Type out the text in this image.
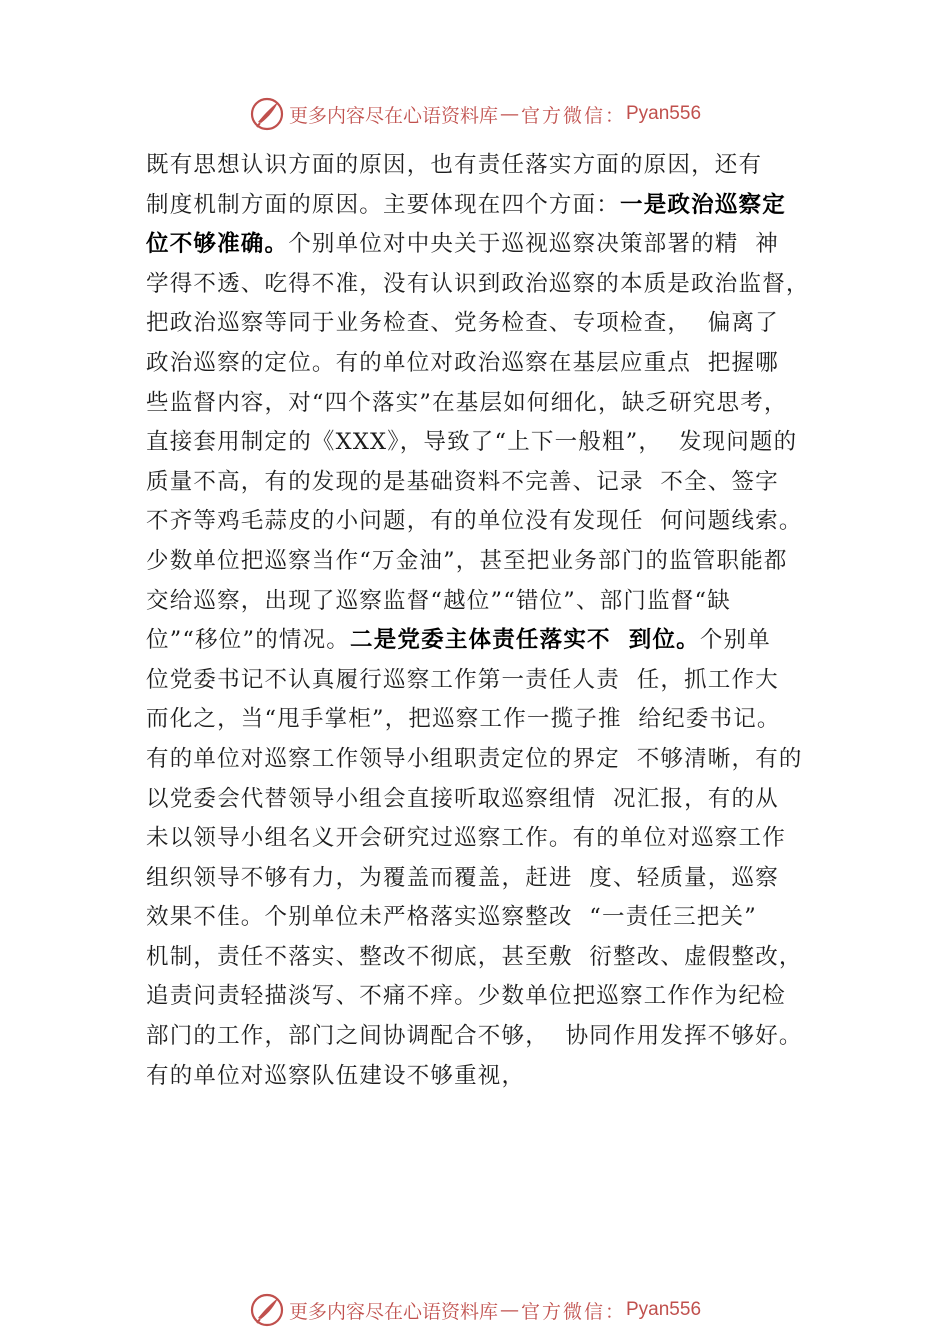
更多内容尽在心语资料库 — 官方微信： Pyan556
既有思想认识方面的原因，也有责任落实方面的原因，还有
制度机制方面的原因。主要体现在四个方面：一是政治巡察定
位不够准确。个别单位对中央关于巡视巡察决策部署的精  神
学得不透、吃得不准，没有认识到政治巡察的本质是政治监督，
把政治巡察等同于业务检查、党务检查、专项检查，  偏离了
政治巡察的定位。有的单位对政治巡察在基层应重点  把握哪
些监督内容，对“四个落实”在基层如何细化，缺乏研究思考，
直接套用制定的《XXX》，导致了“上下一般粗”，  发现问题的
质量不高，有的发现的是基础资料不完善、记录  不全、签字
不齐等鸡毛蒜皮的小问题，有的单位没有发现任  何问题线索。
少数单位把巡察当作“万金油”，甚至把业务部门的监管职能都
交给巡察，出现了巡察监督“越位”“错位”、部门监督“缺
位”“移位”的情况。二是党委主体责任落实不  到位。个别单
位党委书记不认真履行巡察工作第一责任人责  任，抓工作大
而化之，当“甩手掌柜”，把巡察工作一揽子推  给纪委书记。
有的单位对巡察工作领导小组职责定位的界定  不够清晰，有的
以党委会代替领导小组会直接听取巡察组情  况汇报，有的从
未以领导小组名义开会研究过巡察工作。有的单位对巡察工作
组织领导不够有力，为覆盖而覆盖，赶进  度、轻质量，巡察
效果不佳。个别单位未严格落实巡察整改  “一责任三把关”
机制，责任不落实、整改不彻底，甚至敷  衍整改、虚假整改，
追责问责轻描淡写、不痛不痒。少数单位把巡察工作作为纪检
部门的工作，部门之间协调配合不够，  协同作用发挥不够好。
有的单位对巡察队伍建设不够重视，
更多内容尽在心语资料库 — 官方微信： Pyan556
